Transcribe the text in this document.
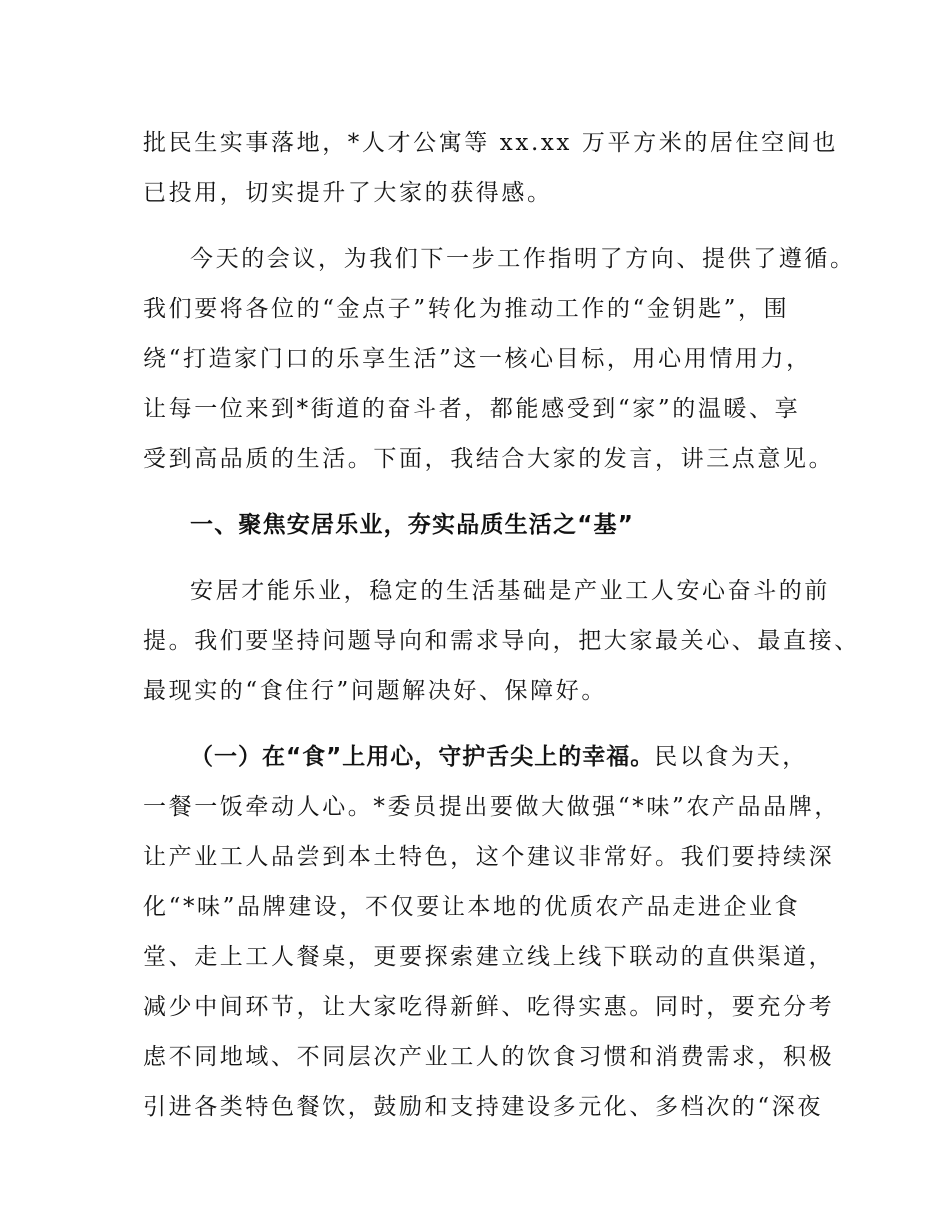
批民生实事落地，*人才公寓等 xx.xx 万平方米的居住空间也
已投用，切实提升了大家的获得感。
今天的会议，为我们下一步工作指明了方向、提供了遵循。
我们要将各位的“金点子”转化为推动工作的“金钥匙”，围
绕“打造家门口的乐享生活”这一核心目标，用心用情用力，
让每一位来到*街道的奋斗者，都能感受到“家”的温暖、享
受到高品质的生活。下面，我结合大家的发言，讲三点意见。
一、聚焦安居乐业，夯实品质生活之“基”
安居才能乐业，稳定的生活基础是产业工人安心奋斗的前
提。我们要坚持问题导向和需求导向，把大家最关心、最直接、
最现实的“食住行”问题解决好、保障好。
（一）在“食”上用心，守护舌尖上的幸福。民以食为天，
一餐一饭牵动人心。*委员提出要做大做强“*味”农产品品牌，
让产业工人品尝到本土特色，这个建议非常好。我们要持续深
化“*味”品牌建设，不仅要让本地的优质农产品走进企业食
堂、走上工人餐桌，更要探索建立线上线下联动的直供渠道，
减少中间环节，让大家吃得新鲜、吃得实惠。同时，要充分考
虑不同地域、不同层次产业工人的饮食习惯和消费需求，积极
引进各类特色餐饮，鼓励和支持建设多元化、多档次的“深夜
